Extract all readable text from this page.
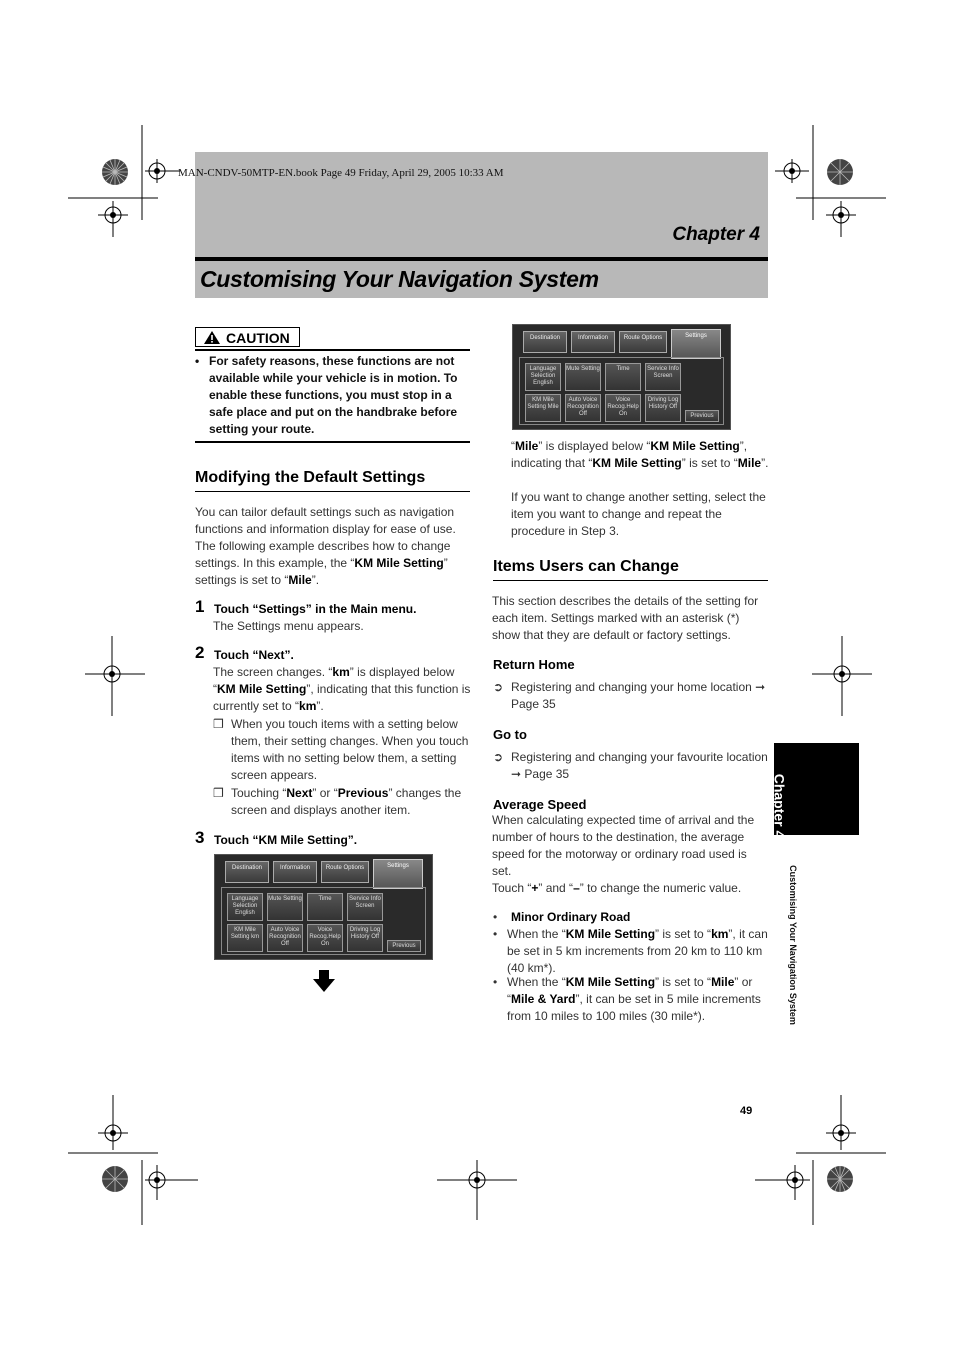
MAN-CNDV-50MTP-EN.book Page 49 Friday, April 29, 2005 10:33 AM
Chapter 4
Customising Your Navigation System
CAUTION
• For safety reasons, these functions are not available while your vehicle is in motion. To enable these functions, you must stop in a safe place and put on the handbrake before setting your route.
Modifying the Default Settings
You can tailor default settings such as navigation functions and information display for ease of use. The following example describes how to change settings. In this example, the “KM Mile Setting” settings is set to “Mile”.
1 Touch “Settings” in the Main menu.
The Settings menu appears.
2 Touch “Next”.
The screen changes. “km” is displayed below “KM Mile Setting”, indicating that this function is currently set to “km”.
❒ When you touch items with a setting below them, their setting changes. When you touch items with no setting below them, a setting screen appears.
❒ Touching “Next” or “Previous” changes the screen and displays another item.
3 Touch “KM Mile Setting”.
Destination	Information	Route Options	Settings
Language Selection English
Mute Setting	Time	Service Info Screen
KM Mile Setting km
Auto Voice Recognition Off
Voice Recog.Help On
Driving Log History Off
Previous
Destination	Information	Route Options	Settings
Language Selection English
Mute Setting	Time	Service Info Screen
KM Mile Setting Mile
Auto Voice Recognition Off
Voice Recog.Help On
Driving Log History Off
Previous
“Mile” is displayed below “KM Mile Setting”, indicating that “KM Mile Setting” is set to “Mile”.
If you want to change another setting, select the item you want to change and repeat the procedure in Step 3.
Items Users can Change
This section describes the details of the setting for each item. Settings marked with an asterisk (*) show that they are default or factory settings.
Return Home
➲ Registering and changing your home location ➞ Page 35
Go to
➲ Registering and changing your favourite location ➞ Page 35
Average Speed
When calculating expected time of arrival and the number of hours to the destination, the average speed for the motorway or ordinary road used is set.
Touch “+” and “–” to change the numeric value.
• Minor Ordinary Road
• When the “KM Mile Setting” is set to “km”, it can be set in 5 km increments from 20 km to 110 km (40 km*).
• When the “KM Mile Setting” is set to “Mile” or “Mile & Yard”, it can be set in 5 mile increments from 10 miles to 100 miles (30 mile*).
Chapter 4
Customising Your Navigation System
49
